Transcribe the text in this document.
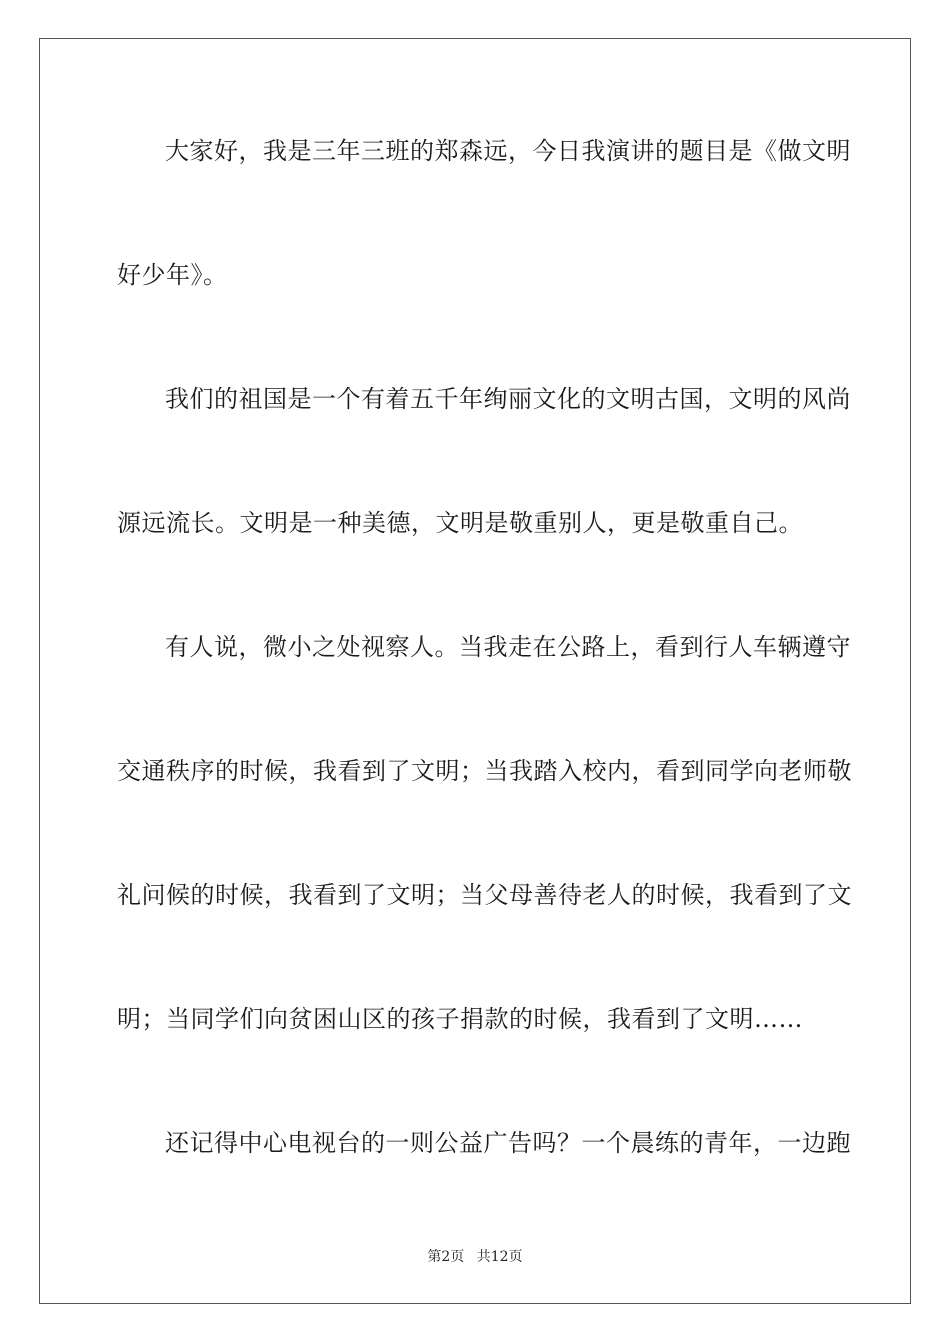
大家好，我是三年三班的郑森远，今日我演讲的题目是《做文明
好少年》。
我们的祖国是一个有着五千年绚丽文化的文明古国，文明的风尚
源远流长。文明是一种美德，文明是敬重别人，更是敬重自己。
有人说，微小之处视察人。当我走在公路上，看到行人车辆遵守
交通秩序的时候，我看到了文明；当我踏入校内，看到同学向老师敬
礼问候的时候，我看到了文明；当父母善待老人的时候，我看到了文
明；当同学们向贫困山区的孩子捐款的时候，我看到了文明……
还记得中心电视台的一则公益广告吗？一个晨练的青年，一边跑
第2页 共12页
